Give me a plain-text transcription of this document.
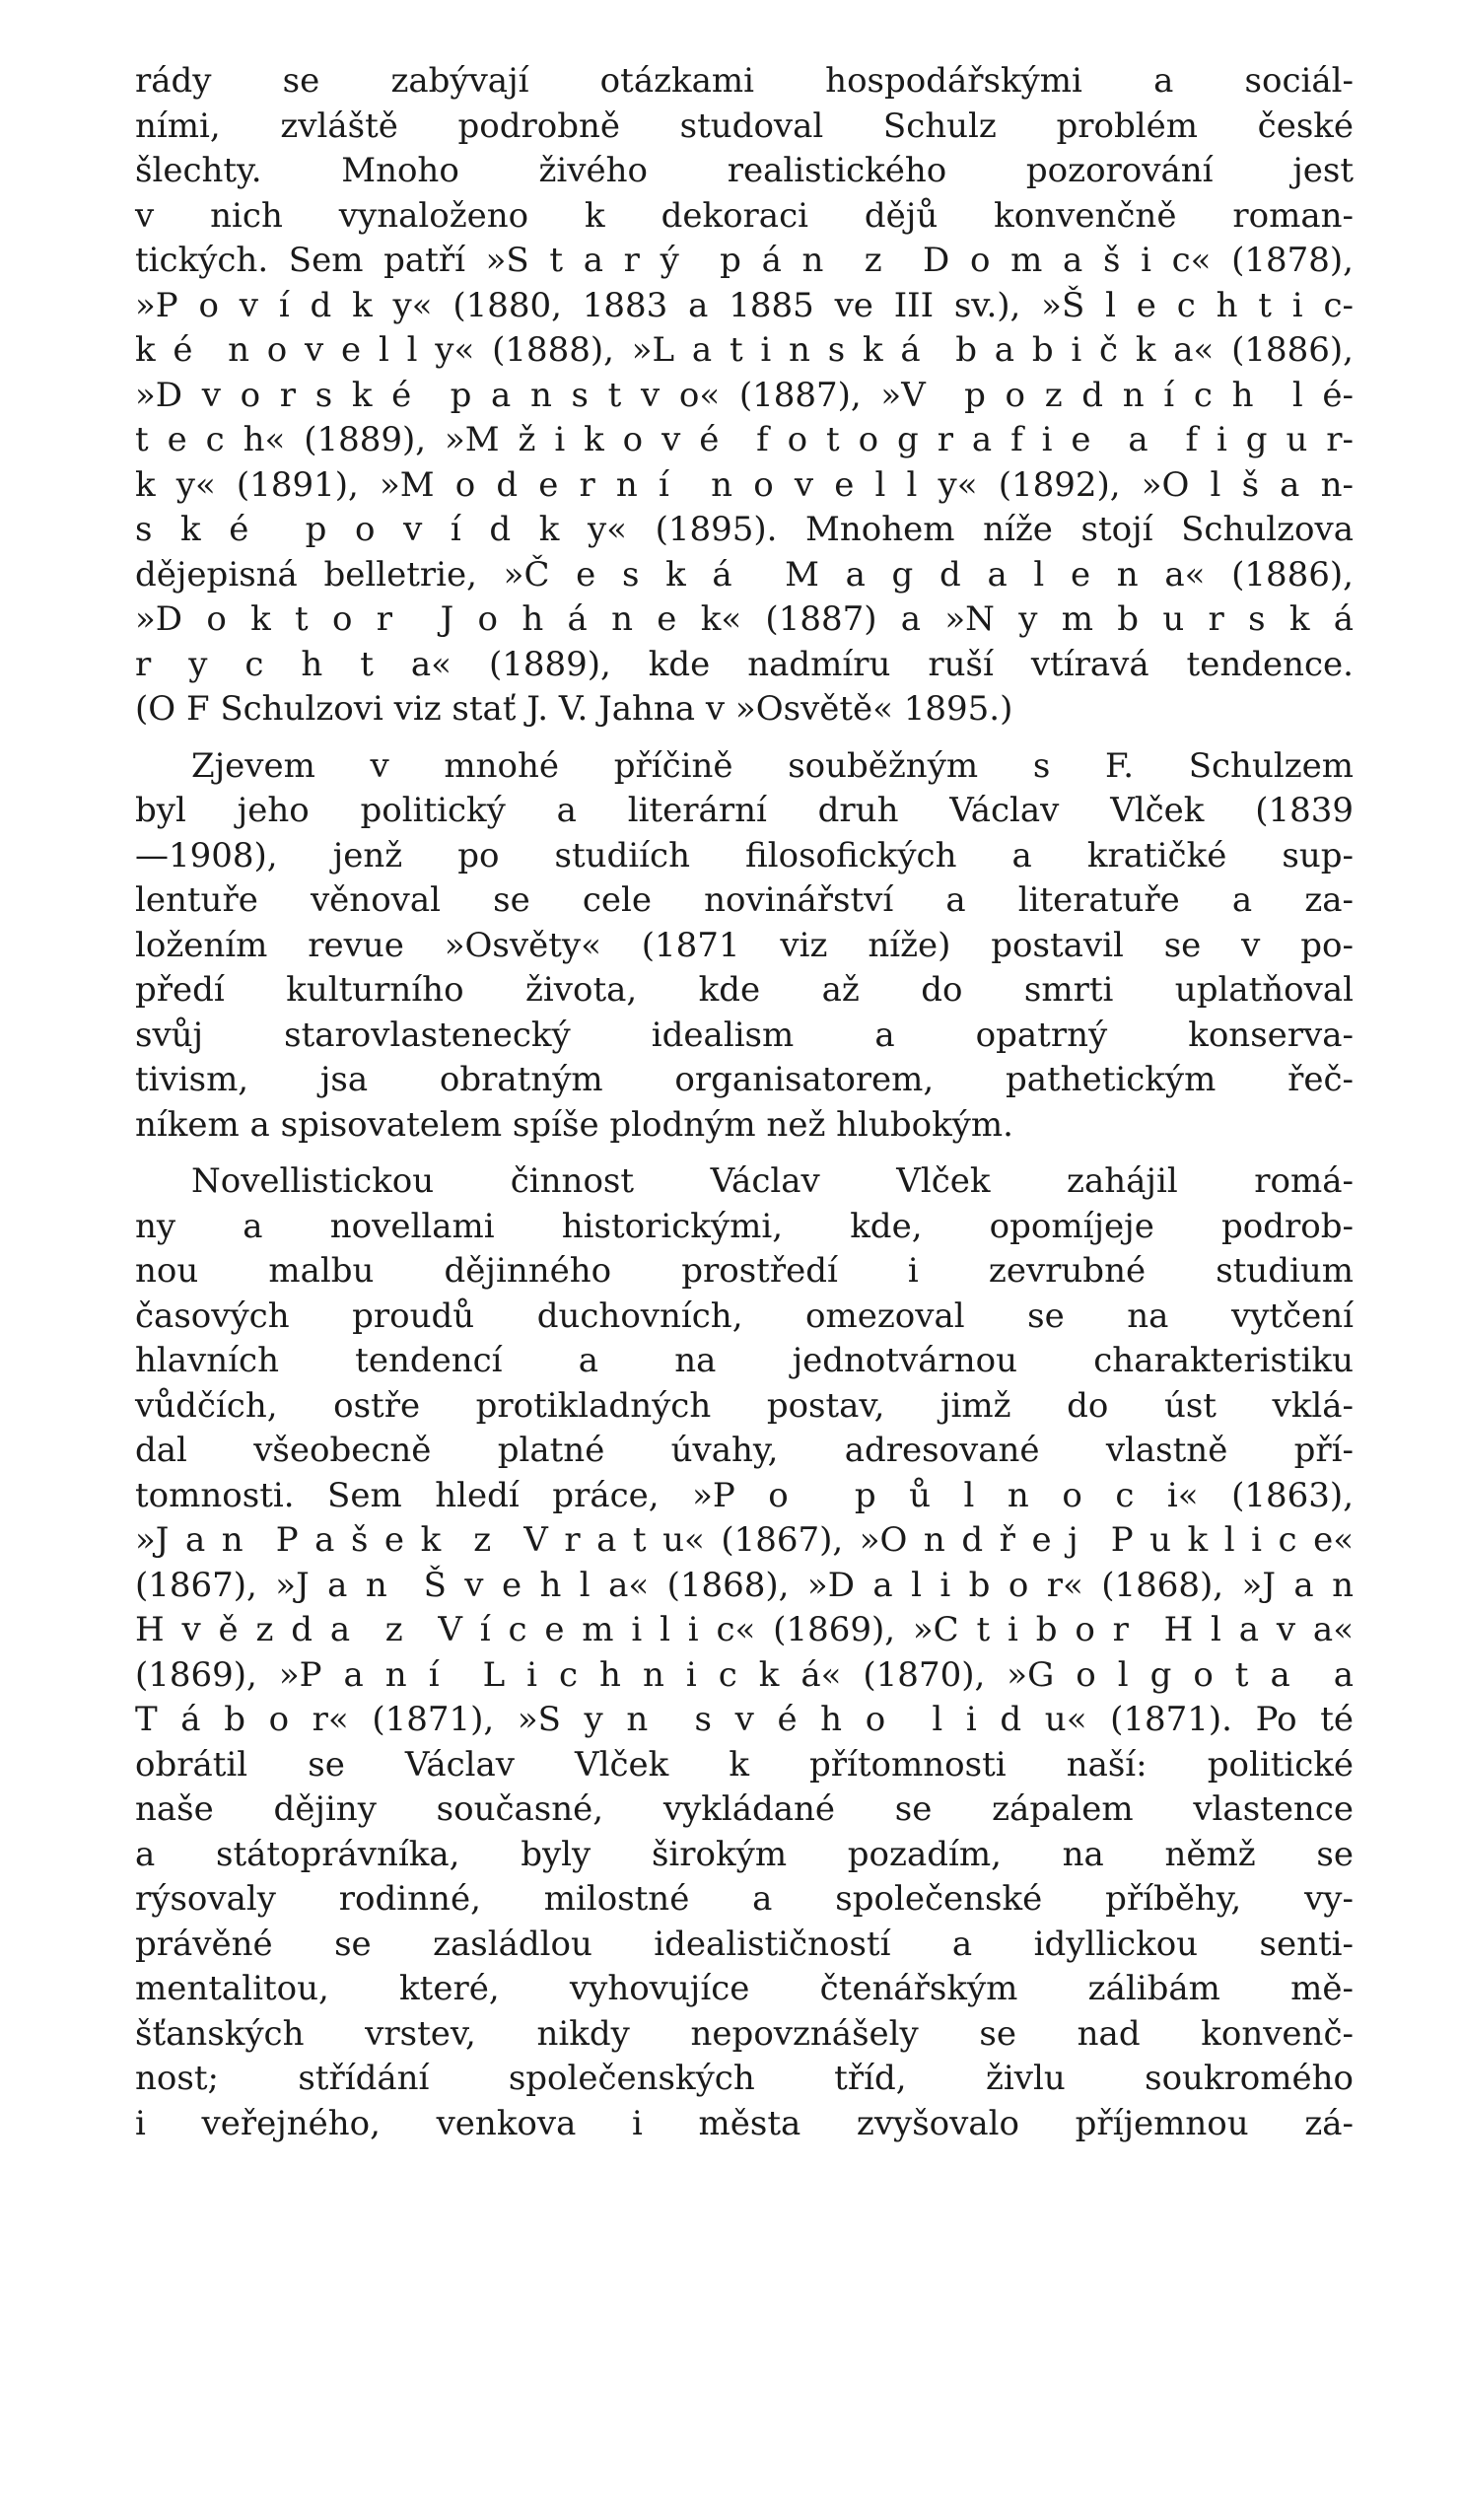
rády se zabývají otázkami hospodářskými a sociál-
ními, zvláště podrobně studoval Schulz problém české
šlechty. Mnoho živého realistického pozorování jest
v nich vynaloženo k dekoraci dějů konvenčně roman-
tických. Sem patří »S t a r ý  p á n  z  D o m a š i c« (1878),
»P o v í d k y« (1880, 1883 a 1885 ve III sv.), »Š l e c h t i c-
k é  n o v e l l y« (1888), »L a t i n s k á  b a b i č k a« (1886),
»D v o r s k é  p a n s t v o« (1887), »V  p o z d n í c h  l é-
t e c h« (1889), »M ž i k o v é  f o t o g r a f i e  a  f i g u r-
k y« (1891), »M o d e r n í  n o v e l l y« (1892), »O l š a n-
s k é  p o v í d k y« (1895). Mnohem níže stojí Schulzova
dějepisná belletrie, »Č e s k á  M a g d a l e n a« (1886),
»D o k t o r  J o h á n e k« (1887) a »N y m b u r s k á
r y c h t a« (1889), kde nadmíru ruší vtíravá tendence.
(O F Schulzovi viz stať J. V. Jahna v »Osvětě« 1895.)
Zjevem v mnohé příčině souběžným s F. Schulzem
byl jeho politický a literární druh Václav Vlček (1839
—1908), jenž po studiích filosofických a kratičké sup-
lentuře věnoval se cele novinářství a literatuře a za-
ložením revue »Osvěty« (1871 viz níže) postavil se v po-
předí kulturního života, kde až do smrti uplatňoval
svůj starovlastenecký idealism a opatrný konserva-
tivism, jsa obratným organisatorem, pathetickým řeč-
níkem a spisovatelem spíše plodným než hlubokým.
Novellistickou činnost Václav Vlček zahájil romá-
ny a novellami historickými, kde, opomíjeje podrob-
nou malbu dějinného prostředí i zevrubné studium
časových proudů duchovních, omezoval se na vytčení
hlavních tendencí a na jednotvárnou charakteristiku
vůdčích, ostře protikladných postav, jimž do úst vklá-
dal všeobecně platné úvahy, adresované vlastně pří-
tomnosti. Sem hledí práce, »P o  p ů l n o c i« (1863),
»J a n  P a š e k  z  V r a t u« (1867), »O n d ř e j  P u k l i c e«
(1867), »J a n  Š v e h l a« (1868), »D a l i b o r« (1868), »J a n
H v ě z d a  z  V í c e m i l i c« (1869), »C t i b o r  H l a v a«
(1869), »P a n í  L i c h n i c k á« (1870), »G o l g o t a  a
T á b o r« (1871), »S y n  s v é h o  l i d u« (1871). Po té
obrátil se Václav Vlček k přítomnosti naší: politické
naše dějiny současné, vykládané se zápalem vlastence
a státoprávníka, byly širokým pozadím, na němž se
rýsovaly rodinné, milostné a společenské příběhy, vy-
právěné se zasládlou idealističností a idyllickou senti-
mentalitou, které, vyhovujíce čtenářským zálibám mě-
šťanských vrstev, nikdy nepovznášely se nad konvenč-
nost; střídání společenských tříd, živlu soukromého
i veřejného, venkova i města zvyšovalo příjemnou zá-
